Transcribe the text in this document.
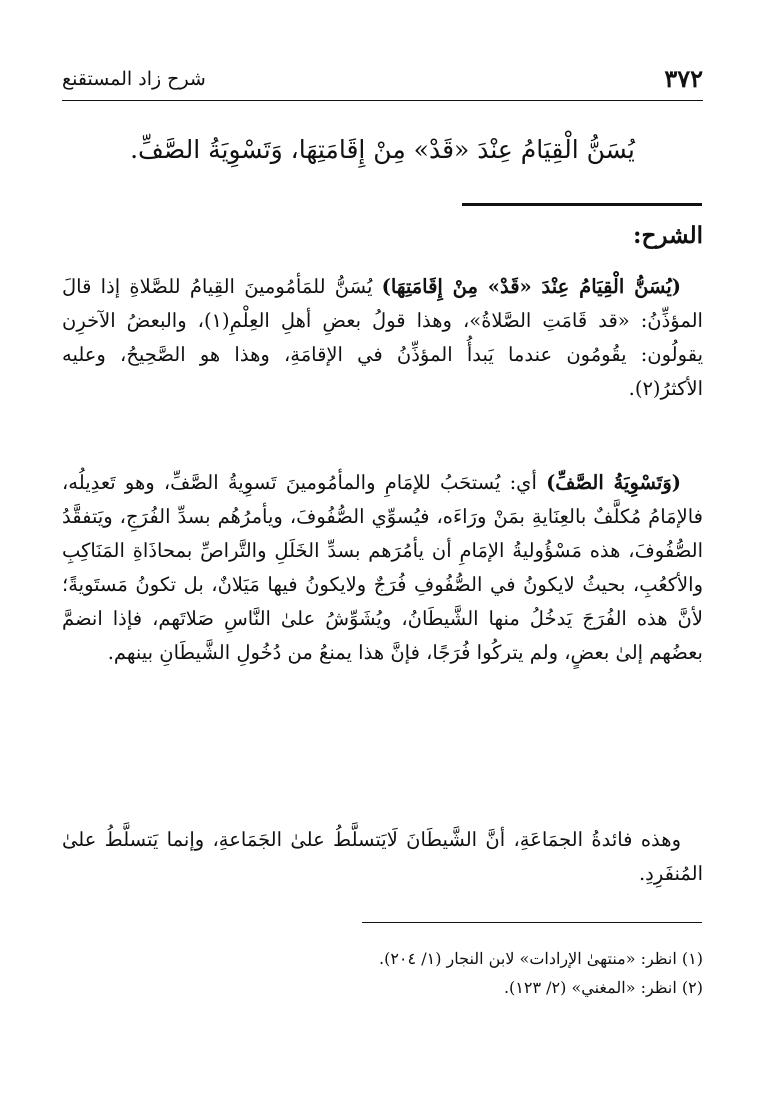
شرح زاد المستقنع	٣٧٢
يُسَنُّ الْقِيَامُ عِنْدَ «قَدْ» مِنْ إِقَامَتِهَا، وَتَسْوِيَةُ الصَّفِّ.
الشرح:

(يُسَنُّ الْقِيَامُ عِنْدَ «قَدْ» مِنْ إِقَامَتِهَا) يُسَنُّ للمَأمُومينَ القِيامُ للصَّلاةِ إذا قالَ المؤذِّنُ: «قد قَامَتِ الصَّلاةُ»، وهذا قولُ بعضِ أهلِ العِلْمِ(١)، والبعضُ الآخرِن يقولُون: يقُومُون عندما يَبدأُ المؤذِّنُ في الإقامَةِ، وهذا هو الصَّحِيحُ، وعليه الأكثرُ(٢).

(وَتَسْوِيَةُ الصَّفِّ) أي: يُستحَبُ للإمَامِ والمأمُومينَ تَسوِيةُ الصَّفِّ، وهو تَعدِيلُه، فالإمَامُ مُكلَّفٌ بالعِنَايةِ بمَنْ ورَاءَه، فيُسوِّي الصُّفُوفَ، ويأمرُهُم بسدِّ الفُرَجِ، ويَتفقَّدُ الصُّفُوفَ، هذه مَسْؤُوليةُ الإمَامِ أن يأمُرَهم بسدِّ الخَلَلِ والتَّراصِّ بمحاذَاةِ المَنَاكِبِ والأكعُبِ، بحيثُ لايكونُ في الصُّفُوفِ فُرَجٌ ولايكونُ فيها مَيَلانٌ، بل تكونُ مَستَويةً؛ لأنَّ هذه الفُرَجَ يَدخُلُ منها الشَّيطَانُ، ويُشَوِّشُ علىٰ النَّاسِ صَلاتَهم، فإذا انضمَّ بعضُهم إلىٰ بعضٍ، ولم يتركُوا فُرَجًا، فإنَّ هذا يمنعُ من دُخُولِ الشَّيطَانِ بينهم.

وهذه فائدةُ الجمَاعَةِ، أنَّ الشَّيطَانَ لَايَتسلَّطُ علىٰ الجَمَاعةِ، وإنما يَتسلَّطُ علىٰ المُنفَرِدِ.

(١) انظر: «منتهىٰ الإرادات» لابن النجار (١/ ٢٠٤).
(٢) انظر: «المغني» (٢/ ١٢٣).
